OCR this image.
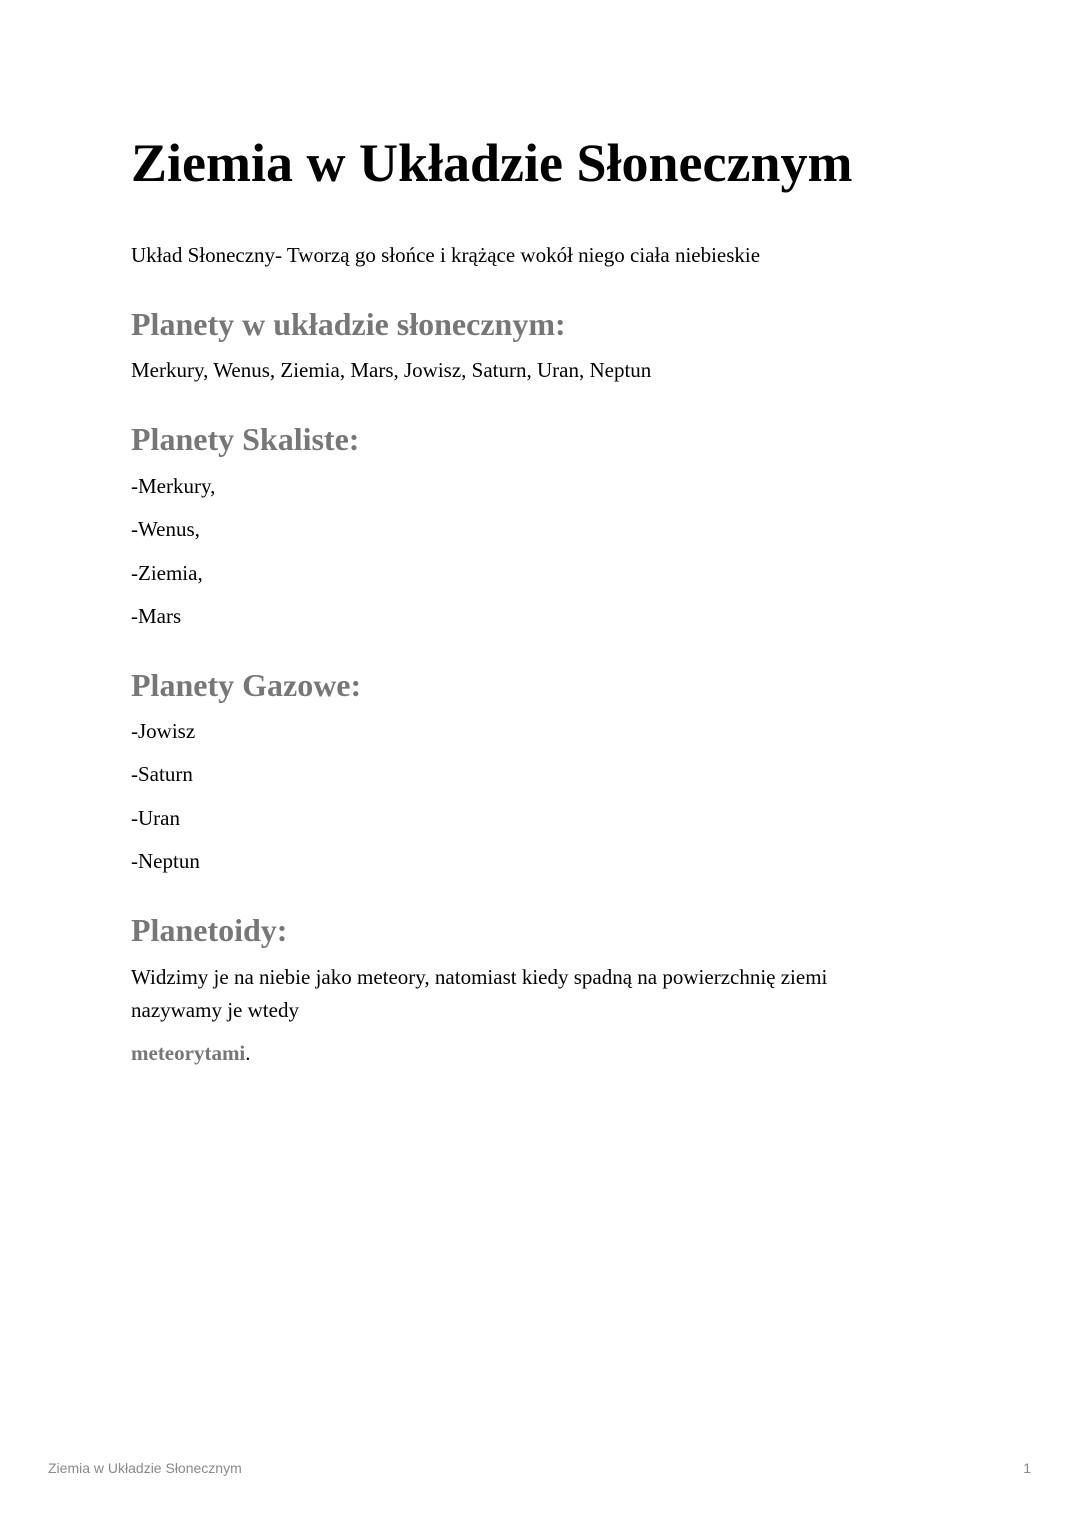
Ziemia w Układzie Słonecznym

Układ Słoneczny- Tworzą go słońce i krążące wokół niego ciała niebieskie

Planety w układzie słonecznym:

Merkury, Wenus, Ziemia, Mars, Jowisz, Saturn, Uran, Neptun

Planety Skaliste:

-Merkury,

-Wenus,

-Ziemia,

-Mars

Planety Gazowe:

-Jowisz

-Saturn

-Uran

-Neptun

Planetoidy:

Widzimy je na niebie jako meteory, natomiast kiedy spadną na powierzchnię ziemi

nazywamy je wtedy

meteorytami.

Ziemia w Układzie Słonecznym	1
